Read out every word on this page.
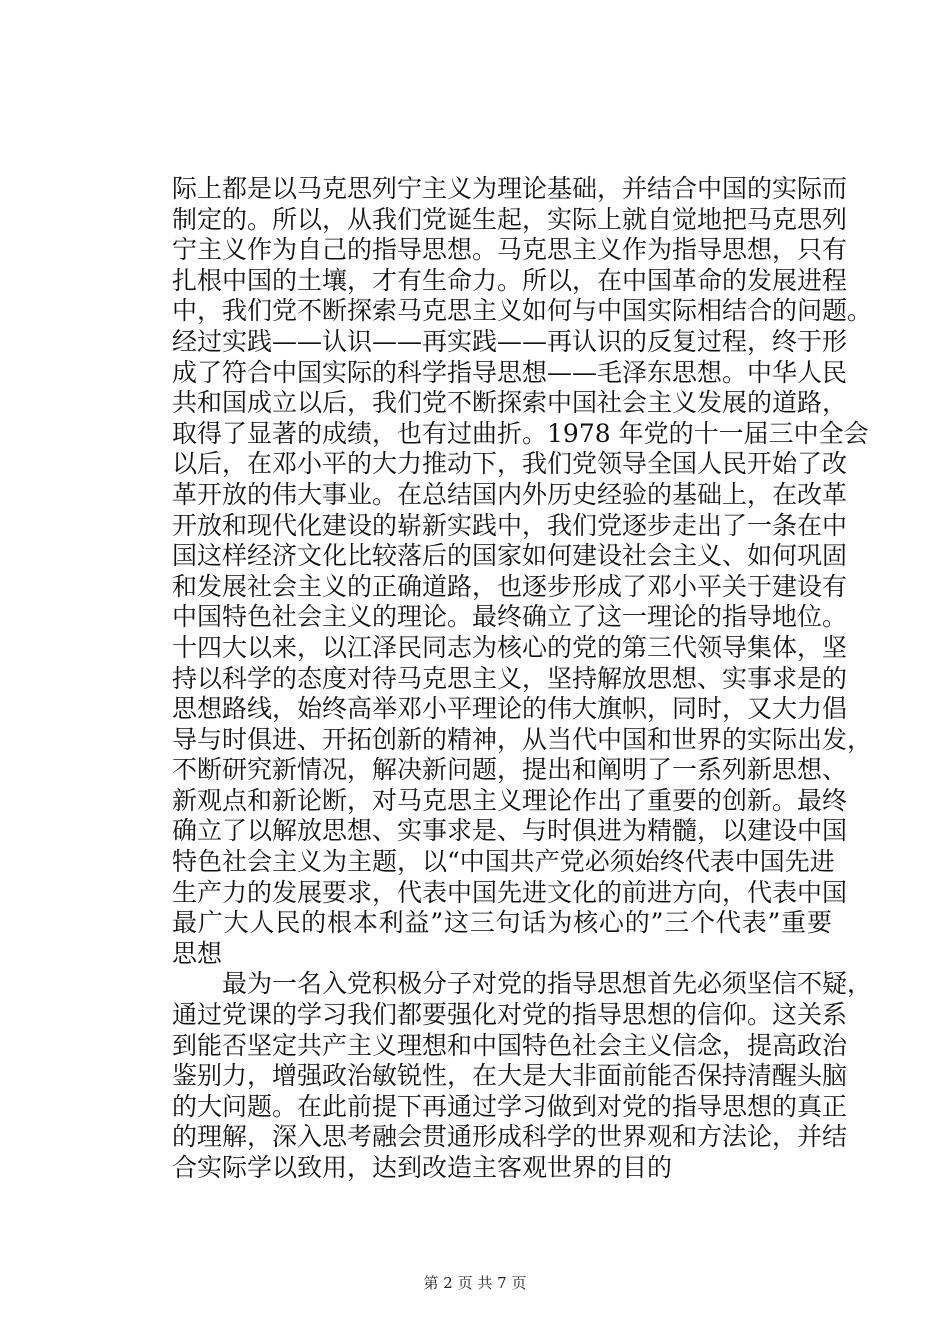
际上都是以马克思列宁主义为理论基础，并结合中国的实际而
制定的。所以，从我们党诞生起，实际上就自觉地把马克思列
宁主义作为自己的指导思想。马克思主义作为指导思想，只有
扎根中国的土壤，才有生命力。所以，在中国革命的发展进程
中，我们党不断探索马克思主义如何与中国实际相结合的问题。
经过实践——认识——再实践——再认识的反复过程，终于形
成了符合中国实际的科学指导思想——毛泽东思想。中华人民
共和国成立以后，我们党不断探索中国社会主义发展的道路，
取得了显著的成绩，也有过曲折。1978 年党的十一届三中全会
以后，在邓小平的大力推动下，我们党领导全国人民开始了改
革开放的伟大事业。在总结国内外历史经验的基础上，在改革
开放和现代化建设的崭新实践中，我们党逐步走出了一条在中
国这样经济文化比较落后的国家如何建设社会主义、如何巩固
和发展社会主义的正确道路，也逐步形成了邓小平关于建设有
中国特色社会主义的理论。最终确立了这一理论的指导地位。
十四大以来，以江泽民同志为核心的党的第三代领导集体，坚
持以科学的态度对待马克思主义，坚持解放思想、实事求是的
思想路线，始终高举邓小平理论的伟大旗帜，同时，又大力倡
导与时俱进、开拓创新的精神，从当代中国和世界的实际出发，
不断研究新情况，解决新问题，提出和阐明了一系列新思想、
新观点和新论断，对马克思主义理论作出了重要的创新。最终
确立了以解放思想、实事求是、与时俱进为精髓，以建设中国
特色社会主义为主题，以“中国共产党必须始终代表中国先进
生产力的发展要求，代表中国先进文化的前进方向，代表中国
最广大人民的根本利益”这三句话为核心的”三个代表”重要
思想
最为一名入党积极分子对党的指导思想首先必须坚信不疑，
通过党课的学习我们都要强化对党的指导思想的信仰。这关系
到能否坚定共产主义理想和中国特色社会主义信念，提高政治
鉴别力，增强政治敏锐性，在大是大非面前能否保持清醒头脑
的大问题。在此前提下再通过学习做到对党的指导思想的真正
的理解，深入思考融会贯通形成科学的世界观和方法论，并结
合实际学以致用，达到改造主客观世界的目的
第 2 页 共 7 页
